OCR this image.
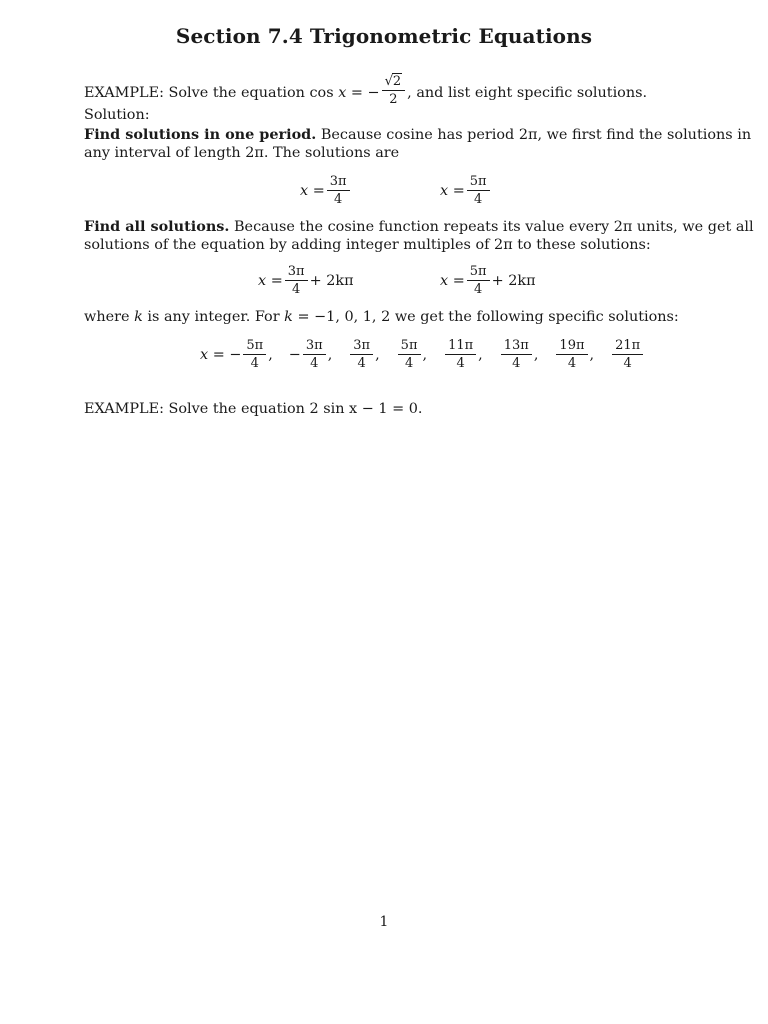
Section 7.4 Trigonometric Equations
EXAMPLE: Solve the equation cos x = − $\frac{√2}{2}$ , and list eight specific solutions.
Solution:
Find solutions in one period. Because cosine has period 2π, we first find the solutions in
any interval of length 2π. The solutions are
$x = \frac{3\pi}{4}$	$x = \frac{5\pi}{4}$
Find all solutions. Because the cosine function repeats its value every 2π units, we get all
solutions of the equation by adding integer multiples of 2π to these solutions:
$x = \frac{3\pi}{4} + 2k\pi$	$x = \frac{5\pi}{4} + 2k\pi$
where k is any integer. For k = −1, 0, 1, 2 we get the following specific solutions:
x = − $\frac{5\pi}{4}$ , − $\frac{3\pi}{4}$ , $\frac{3\pi}{4}$ , $\frac{5\pi}{4}$ , $\frac{11\pi}{4}$ , $\frac{13\pi}{4}$ , $\frac{19\pi}{4}$ , $\frac{21\pi}{4}$
EXAMPLE: Solve the equation 2 sin x − 1 = 0.
1
